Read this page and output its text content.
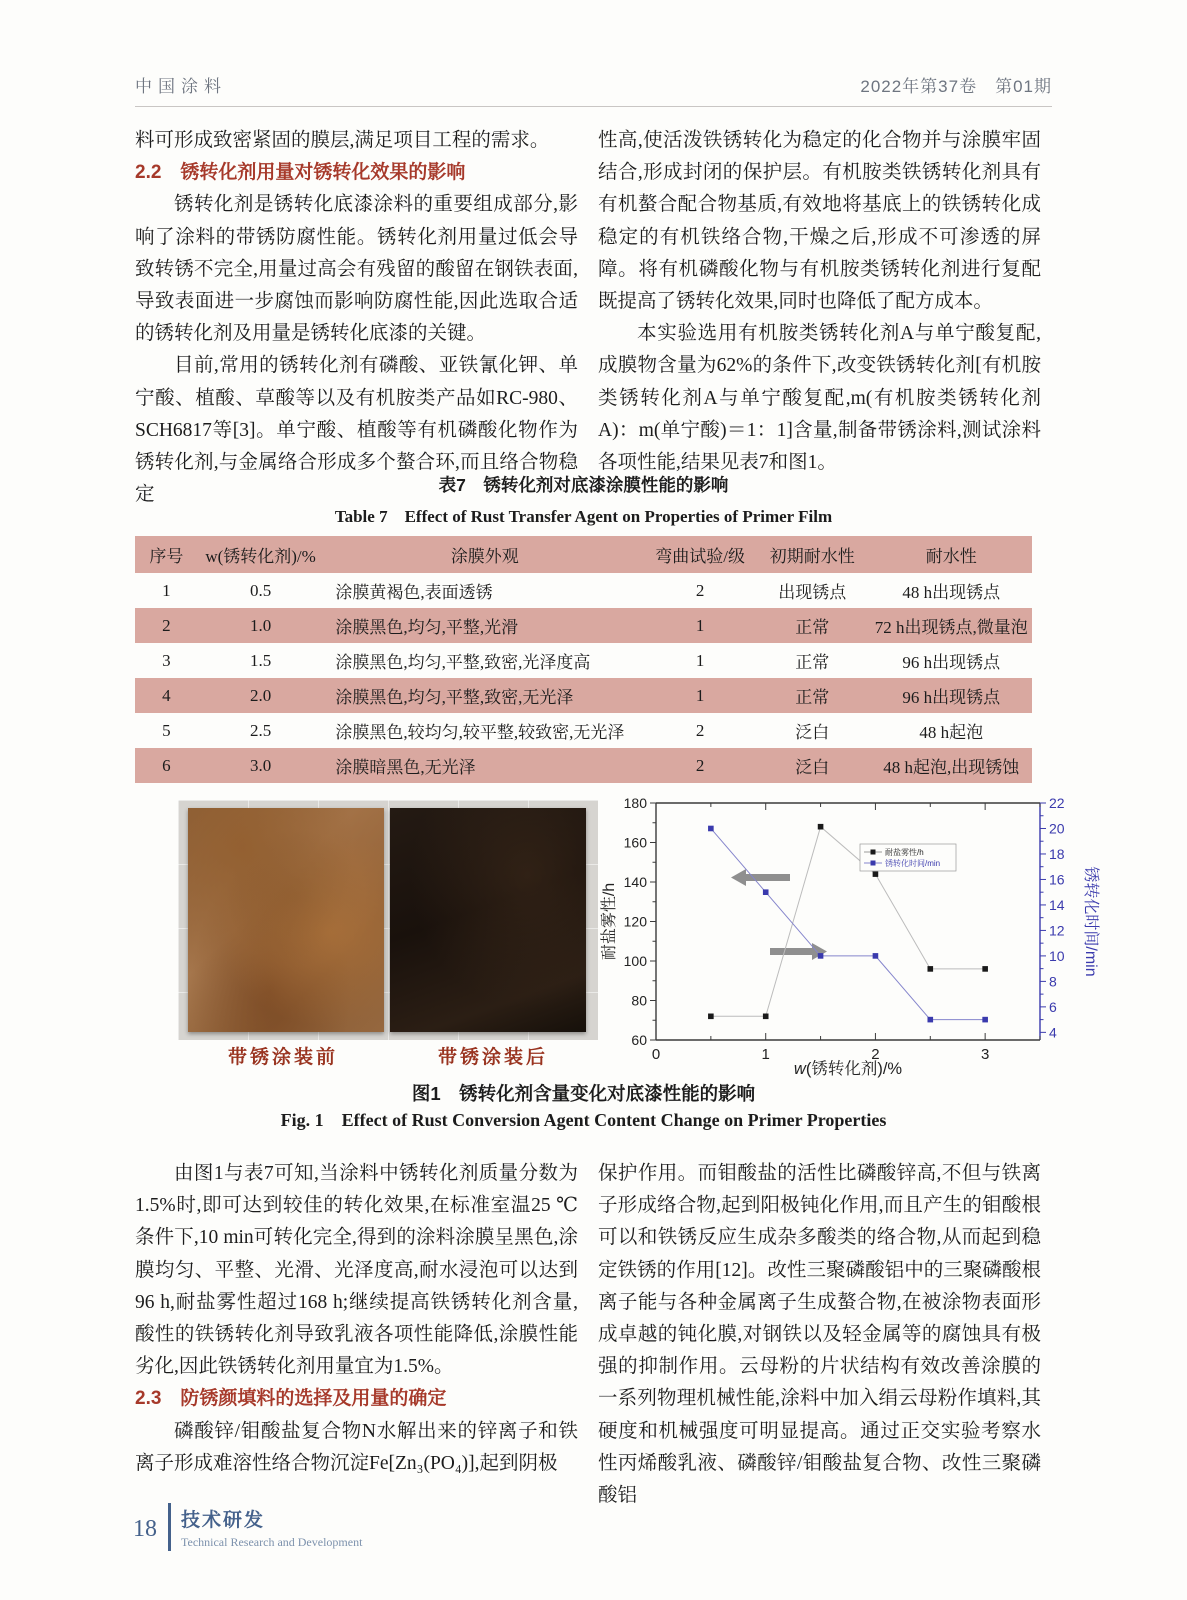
中国涂料	2022年第37卷　第01期

料可形成致密紧固的膜层,满足项目工程的需求。

2.2　锈转化剂用量对锈转化效果的影响

锈转化剂是锈转化底漆涂料的重要组成部分,影响了涂料的带锈防腐性能。锈转化剂用量过低会导致转锈不完全,用量过高会有残留的酸留在钢铁表面,导致表面进一步腐蚀而影响防腐性能,因此选取合适的锈转化剂及用量是锈转化底漆的关键。

目前,常用的锈转化剂有磷酸、亚铁氰化钾、单宁酸、植酸、草酸等以及有机胺类产品如RC-980、SCH6817等[3]。单宁酸、植酸等有机磷酸化物作为锈转化剂,与金属络合形成多个螯合环,而且络合物稳定

性高,使活泼铁锈转化为稳定的化合物并与涂膜牢固结合,形成封闭的保护层。有机胺类铁锈转化剂具有有机螯合配合物基质,有效地将基底上的铁锈转化成稳定的有机铁络合物,干燥之后,形成不可渗透的屏障。将有机磷酸化物与有机胺类锈转化剂进行复配既提高了锈转化效果,同时也降低了配方成本。

本实验选用有机胺类锈转化剂A与单宁酸复配,成膜物含量为62%的条件下,改变铁锈转化剂[有机胺类锈转化剂A与单宁酸复配,m(有机胺类锈转化剂A)：m(单宁酸)＝1：1]含量,制备带锈涂料,测试涂料各项性能,结果见表7和图1。

表7　锈转化剂对底漆涂膜性能的影响
Table 7　Effect of Rust Transfer Agent on Properties of Primer Film
序号	w(锈转化剂)/%	涂膜外观	弯曲试验/级	初期耐水性	耐水性
1	0.5	涂膜黄褐色,表面透锈	2	出现锈点	48 h出现锈点
2	1.0	涂膜黑色,均匀,平整,光滑	1	正常	72 h出现锈点,微量泡
3	1.5	涂膜黑色,均匀,平整,致密,光泽度高	1	正常	96 h出现锈点
4	2.0	涂膜黑色,均匀,平整,致密,无光泽	1	正常	96 h出现锈点
5	2.5	涂膜黑色,较均匀,较平整,较致密,无光泽	2	泛白	48 h起泡
6	3.0	涂膜暗黑色,无光泽	2	泛白	48 h起泡,出现锈蚀
带锈涂装前	带锈涂装后	0	1	2	3
60
80
100
120
140
160
180
4
6
8
10
12
14
16
18
20
22
耐盐雾性/h
锈转化时间/min
耐盐雾性/h	锈转化时间/min
w(锈转化剂)/%
图1　锈转化剂含量变化对底漆性能的影响
Fig. 1　Effect of Rust Conversion Agent Content Change on Primer Properties

由图1与表7可知,当涂料中锈转化剂质量分数为1.5%时,即可达到较佳的转化效果,在标准室温25 ℃条件下,10 min可转化完全,得到的涂料涂膜呈黑色,涂膜均匀、平整、光滑、光泽度高,耐水浸泡可以达到96 h,耐盐雾性超过168 h;继续提高铁锈转化剂含量,酸性的铁锈转化剂导致乳液各项性能降低,涂膜性能劣化,因此铁锈转化剂用量宜为1.5%。

2.3　防锈颜填料的选择及用量的确定

磷酸锌/钼酸盐复合物N水解出来的锌离子和铁离子形成难溶性络合物沉淀Fe[Zn₃(PO₄)],起到阴极

保护作用。而钼酸盐的活性比磷酸锌高,不但与铁离子形成络合物,起到阳极钝化作用,而且产生的钼酸根可以和铁锈反应生成杂多酸类的络合物,从而起到稳定铁锈的作用[12]。改性三聚磷酸铝中的三聚磷酸根离子能与各种金属离子生成螯合物,在被涂物表面形成卓越的钝化膜,对钢铁以及轻金属等的腐蚀具有极强的抑制作用。云母粉的片状结构有效改善涂膜的一系列物理机械性能,涂料中加入绢云母粉作填料,其硬度和机械强度可明显提高。通过正交实验考察水性丙烯酸乳液、磷酸锌/钼酸盐复合物、改性三聚磷酸铝

18 技术研发
Technical Research and Development
